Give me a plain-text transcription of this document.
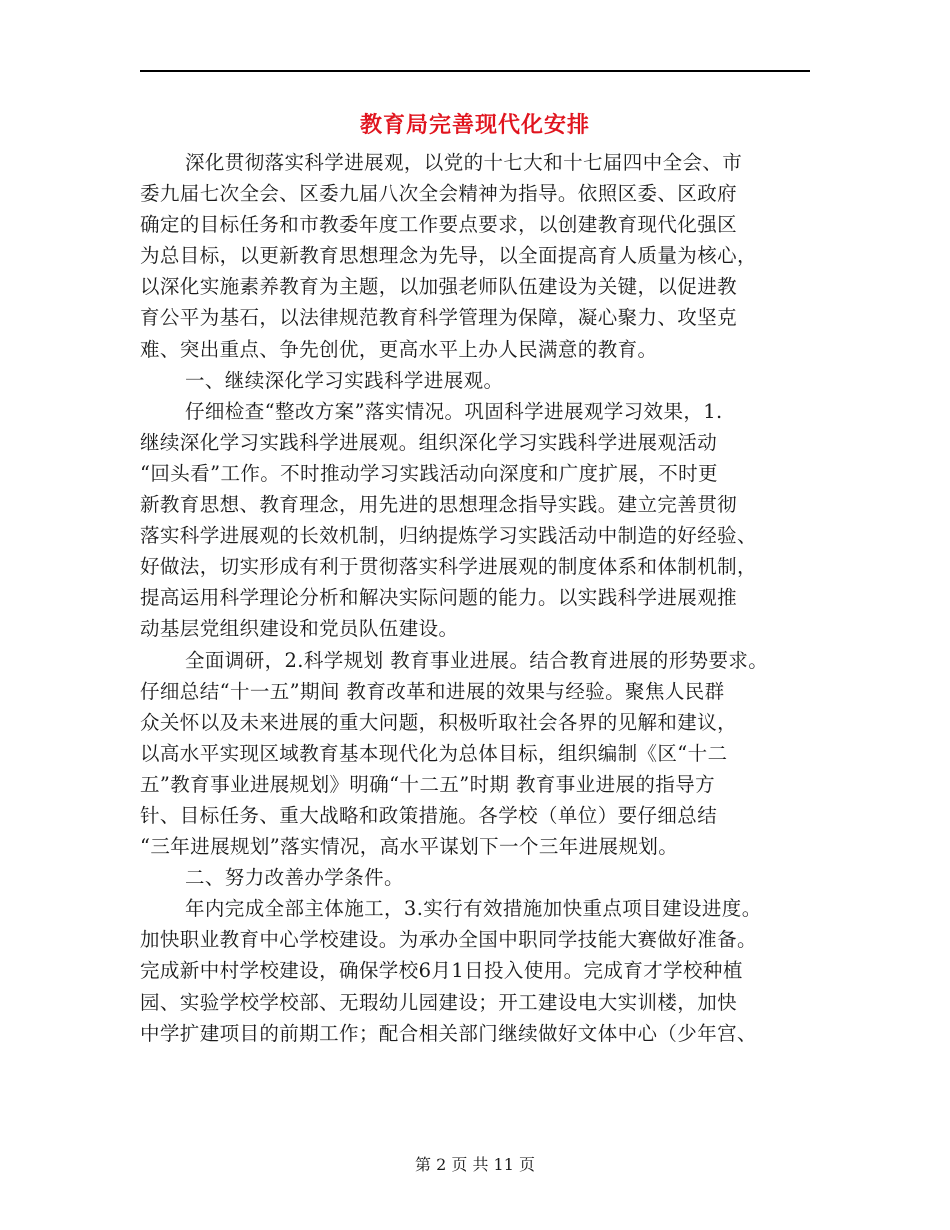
教育局完善现代化安排
深化贯彻落实科学进展观，以党的十七大和十七届四中全会、市
委九届七次全会、区委九届八次全会精神为指导。依照区委、区政府
确定的目标任务和市教委年度工作要点要求，以创建教育现代化强区
为总目标，以更新教育思想理念为先导，以全面提高育人质量为核心，
以深化实施素养教育为主题，以加强老师队伍建设为关键，以促进教
育公平为基石，以法律规范教育科学管理为保障，凝心聚力、攻坚克
难、突出重点、争先创优，更高水平上办人民满意的教育。
一、继续深化学习实践科学进展观。
仔细检查“整改方案”落实情况。巩固科学进展观学习效果，1.
继续深化学习实践科学进展观。组织深化学习实践科学进展观活动
“回头看”工作。不时推动学习实践活动向深度和广度扩展，不时更
新教育思想、教育理念，用先进的思想理念指导实践。建立完善贯彻
落实科学进展观的长效机制，归纳提炼学习实践活动中制造的好经验、
好做法，切实形成有利于贯彻落实科学进展观的制度体系和体制机制，
提高运用科学理论分析和解决实际问题的能力。以实践科学进展观推
动基层党组织建设和党员队伍建设。
全面调研，2.科学规划 教育事业进展。结合教育进展的形势要求。
仔细总结“十一五”期间 教育改革和进展的效果与经验。聚焦人民群
众关怀以及未来进展的重大问题，积极听取社会各界的见解和建议，
以高水平实现区域教育基本现代化为总体目标，组织编制《区“十二
五”教育事业进展规划》明确“十二五”时期 教育事业进展的指导方
针、目标任务、重大战略和政策措施。各学校（单位）要仔细总结
“三年进展规划”落实情况，高水平谋划下一个三年进展规划。
二、努力改善办学条件。
年内完成全部主体施工，3.实行有效措施加快重点项目建设进度。
加快职业教育中心学校建设。为承办全国中职同学技能大赛做好准备。
完成新中村学校建设，确保学校6月1日投入使用。完成育才学校种植
园、实验学校学校部、无瑕幼儿园建设；开工建设电大实训楼，加快
中学扩建项目的前期工作；配合相关部门继续做好文体中心（少年宫、
第 2 页 共 11 页
